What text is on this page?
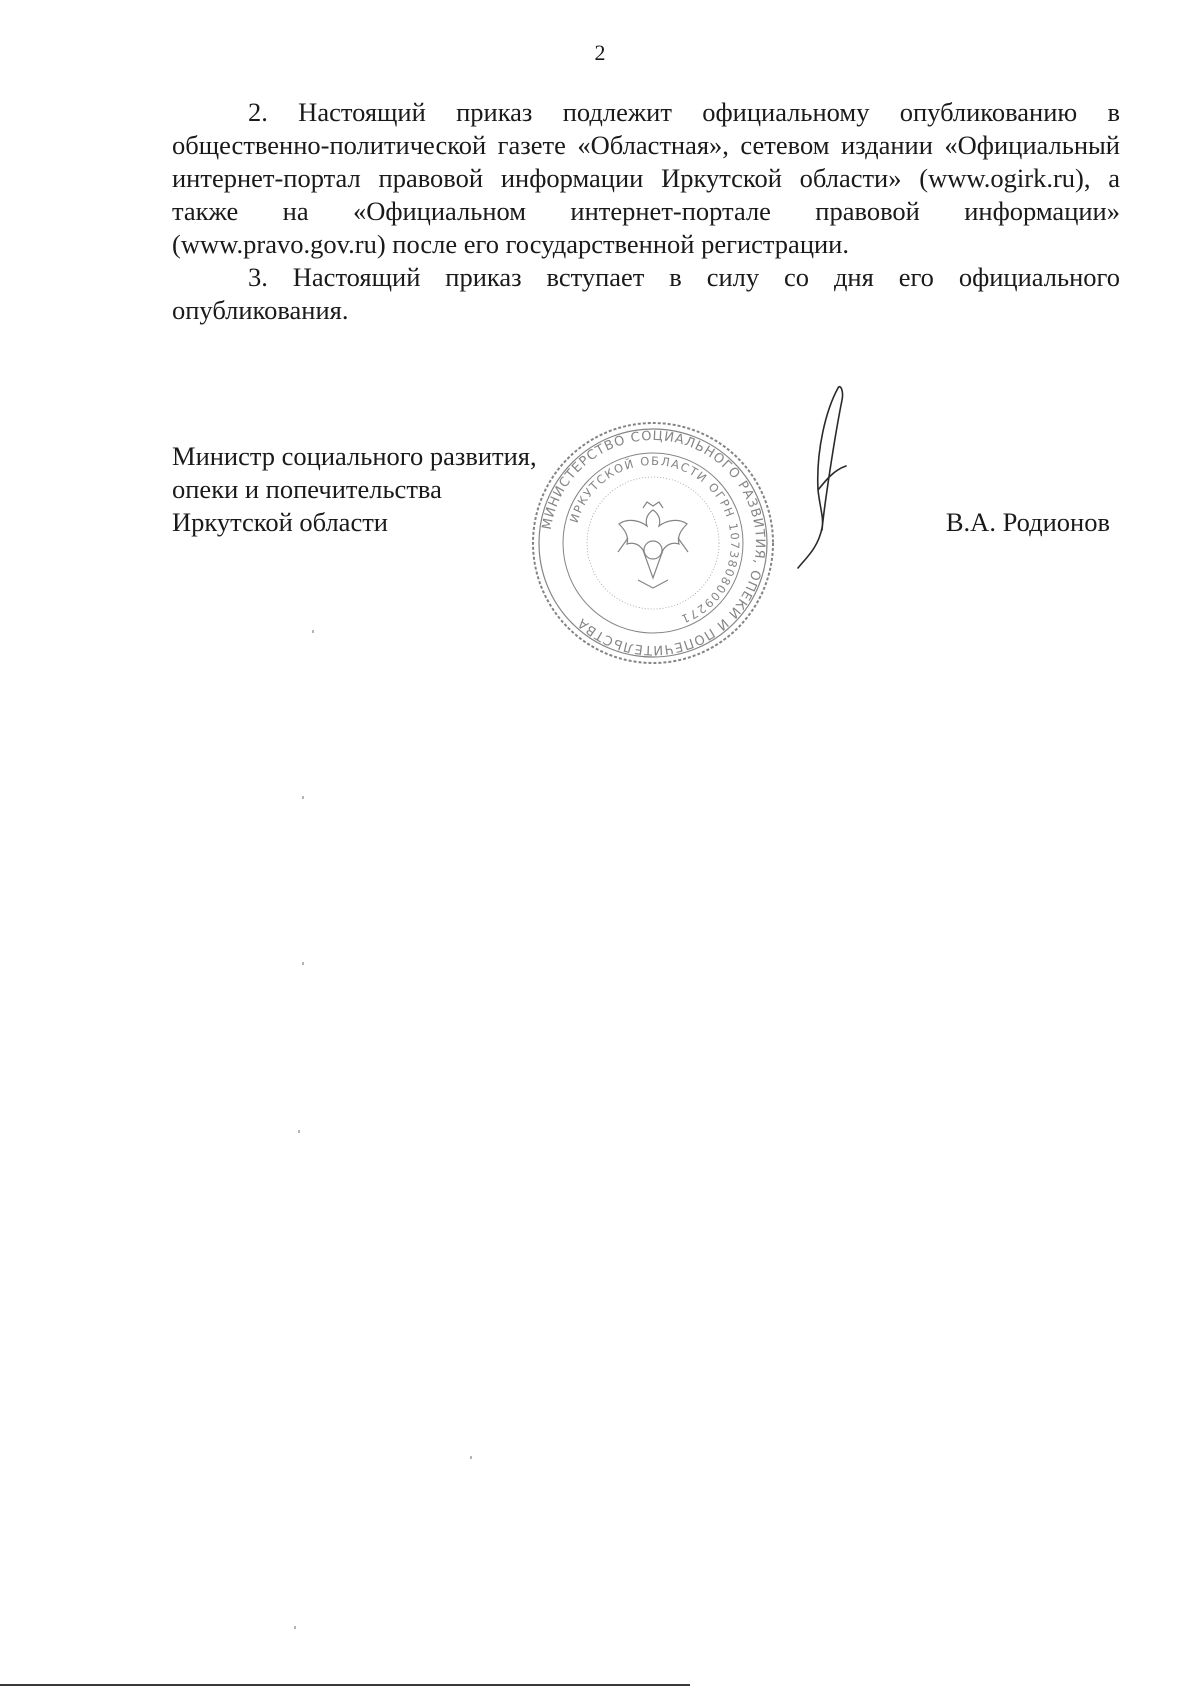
2

2. Настоящий приказ подлежит официальному опубликованию в общественно-политической газете «Областная», сетевом издании «Официальный интернет-портал правовой информации Иркутской области» (www.ogirk.ru), а также на «Официальном интернет-портале правовой информации» (www.pravo.gov.ru) после его государственной регистрации.

3. Настоящий приказ вступает в силу со дня его официального опубликования.

Министр социального развития,
опеки и попечительства
Иркутской области	МИНИСТЕРСТВО СОЦИАЛЬНОГО РАЗВИТИЯ, ОПЕКИ И ПОПЕЧИТЕЛЬСТВА
ИРКУТСКОЙ ОБЛАСТИ ОГРН 1073808009271
В.А. Родионов
